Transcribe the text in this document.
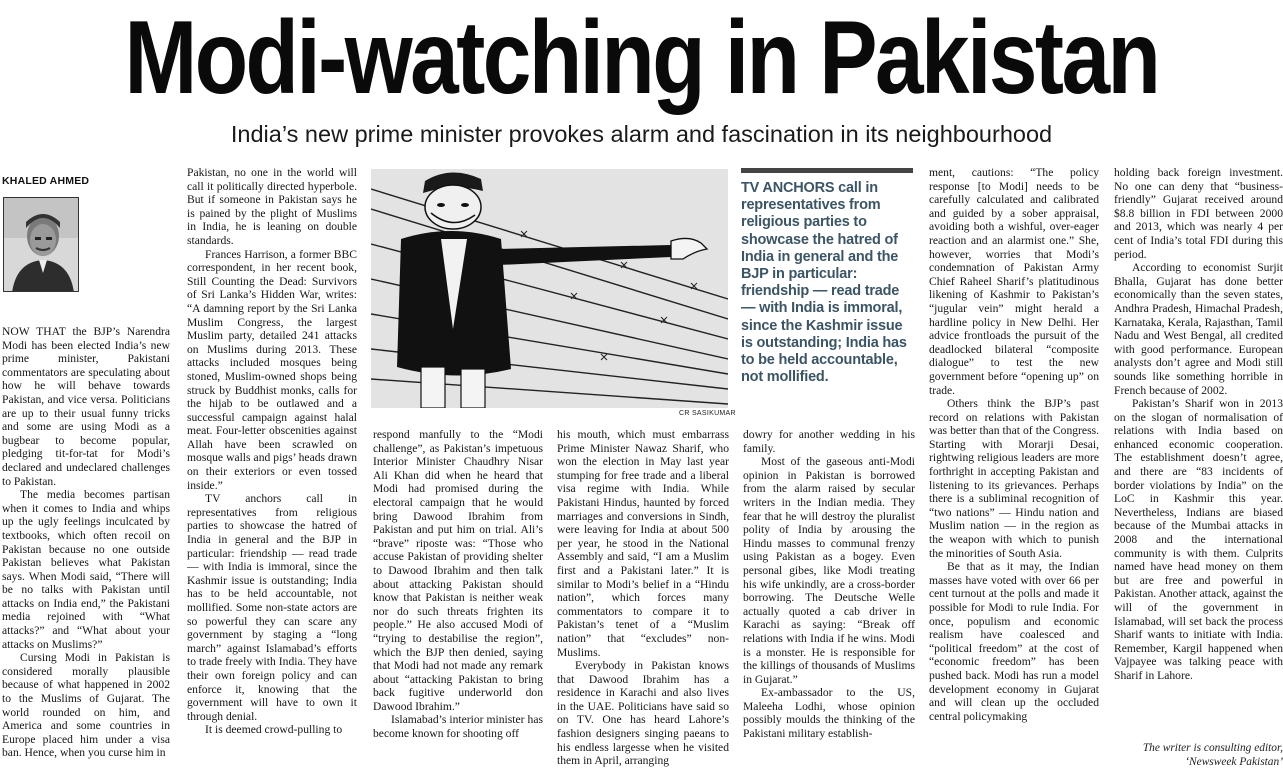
Modi-watching in Pakistan
India’s new prime minister provokes alarm and fascination in its neighbourhood
KHALED AHMED

NOW THAT the BJP’s Narendra Modi has been elected India’s new prime minister, Pakistani commentators are speculating about how he will behave towards Pakistan, and vice versa. Politicians are up to their usual funny tricks and some are using Modi as a bugbear to become popular, pledging tit-for-tat for Modi’s declared and undeclared challenges to Pakistan.

The media becomes partisan when it comes to India and whips up the ugly feelings inculcated by textbooks, which often recoil on Pakistan because no one outside Pakistan believes what Pakistan says. When Modi said, “There will be no talks with Pakistan until attacks on India end,” the Pakistani media rejoined with “What attacks?” and “What about your attacks on Muslims?”

Cursing Modi in Pakistan is considered morally plausible because of what happened in 2002 to the Muslims of Gujarat. The world rounded on him, and America and some countries in Europe placed him under a visa ban. Hence, when you curse him in

Pakistan, no one in the world will call it politically directed hyperbole. But if someone in Pakistan says he is pained by the plight of Muslims in India, he is leaning on double standards.

Frances Harrison, a former BBC correspondent, in her recent book, Still Counting the Dead: Survivors of Sri Lanka’s Hidden War, writes: “A damning report by the Sri Lanka Muslim Congress, the largest Muslim party, detailed 241 attacks on Muslims during 2013. These attacks included mosques being stoned, Muslim-owned shops being struck by Buddhist monks, calls for the hijab to be outlawed and a successful campaign against halal meat. Four-letter obscenities against Allah have been scrawled on mosque walls and pigs’ heads drawn on their exteriors or even tossed inside.”

TV anchors call in representatives from religious parties to showcase the hatred of India in general and the BJP in particular: friendship — read trade — with India is immoral, since the Kashmir issue is outstanding; India has to be held accountable, not mollified. Some non-state actors are so powerful they can scare any government by staging a “long march” against Islamabad’s efforts to trade freely with India. They have their own foreign policy and can enforce it, knowing that the government will have to own it through denial.

It is deemed crowd-pulling to

CR SASIKUMAR

respond manfully to the “Modi challenge”, as Pakistan’s impetuous Interior Minister Chaudhry Nisar Ali Khan did when he heard that Modi had promised during the electoral campaign that he would bring Dawood Ibrahim from Pakistan and put him on trial. Ali’s “brave” riposte was: “Those who accuse Pakistan of providing shelter to Dawood Ibrahim and then talk about attacking Pakistan should know that Pakistan is neither weak nor do such threats frighten its people.” He also accused Modi of “trying to destabilise the region”, which the BJP then denied, saying that Modi had not made any remark about “attacking Pakistan to bring back fugitive underworld don Dawood Ibrahim.”

Islamabad’s interior minister has become known for shooting off

his mouth, which must embarrass Prime Minister Nawaz Sharif, who won the election in May last year stumping for free trade and a liberal visa regime with India. While Pakistani Hindus, haunted by forced marriages and conversions in Sindh, were leaving for India at about 500 per year, he stood in the National Assembly and said, “I am a Muslim first and a Pakistani later.” It is similar to Modi’s belief in a “Hindu nation”, which forces many commentators to compare it to Pakistan’s tenet of a “Muslim nation” that “excludes” non-Muslims.

Everybody in Pakistan knows that Dawood Ibrahim has a residence in Karachi and also lives in the UAE. Politicians have said so on TV. One has heard Lahore’s fashion designers singing paeans to his endless largesse when he visited them in April, arranging

TV ANCHORS call in representatives from religious parties to showcase the hatred of India in general and the BJP in particular: friendship — read trade — with India is immoral, since the Kashmir issue is outstanding; India has to be held accountable, not mollified.

dowry for another wedding in his family.

Most of the gaseous anti-Modi opinion in Pakistan is borrowed from the alarm raised by secular writers in the Indian media. They fear that he will destroy the pluralist polity of India by arousing the Hindu masses to communal frenzy using Pakistan as a bogey. Even personal gibes, like Modi treating his wife unkindly, are a cross-border borrowing. The Deutsche Welle actually quoted a cab driver in Karachi as saying: “Break off relations with India if he wins. Modi is a monster. He is responsible for the killings of thousands of Muslims in Gujarat.”

Ex-ambassador to the US, Maleeha Lodhi, whose opinion possibly moulds the thinking of the Pakistani military establish-

ment, cautions: “The policy response [to Modi] needs to be carefully calculated and calibrated and guided by a sober appraisal, avoiding both a wishful, over-eager reaction and an alarmist one.” She, however, worries that Modi’s condemnation of Pakistan Army Chief Raheel Sharif’s platitudinous likening of Kashmir to Pakistan’s “jugular vein” might herald a hardline policy in New Delhi. Her advice frontloads the pursuit of the deadlocked bilateral “composite dialogue” to test the new government before “opening up” on trade.

Others think the BJP’s past record on relations with Pakistan was better than that of the Congress. Starting with Morarji Desai, rightwing religious leaders are more forthright in accepting Pakistan and listening to its grievances. Perhaps there is a subliminal recognition of “two nations” — Hindu nation and Muslim nation — in the region as the weapon with which to punish the minorities of South Asia.

Be that as it may, the Indian masses have voted with over 66 per cent turnout at the polls and made it possible for Modi to rule India. For once, populism and economic realism have coalesced and “political freedom” at the cost of “economic freedom” has been pushed back. Modi has run a model development economy in Gujarat and will clean up the occluded central policymaking

holding back foreign investment. No one can deny that “business-friendly” Gujarat received around $8.8 billion in FDI between 2000 and 2013, which was nearly 4 per cent of India’s total FDI during this period.

According to economist Surjit Bhalla, Gujarat has done better economically than the seven states, Andhra Pradesh, Himachal Pradesh, Karnataka, Kerala, Rajasthan, Tamil Nadu and West Bengal, all credited with good performance. European analysts don’t agree and Modi still sounds like something horrible in French because of 2002.

Pakistan’s Sharif won in 2013 on the slogan of normalisation of relations with India based on enhanced economic cooperation. The establishment doesn’t agree, and there are “83 incidents of border violations by India” on the LoC in Kashmir this year. Nevertheless, Indians are biased because of the Mumbai attacks in 2008 and the international community is with them. Culprits named have head money on them but are free and powerful in Pakistan. Another attack, against the will of the government in Islamabad, will set back the process Sharif wants to initiate with India. Remember, Kargil happened when Vajpayee was talking peace with Sharif in Lahore.

The writer is consulting editor,
‘Newsweek Pakistan’
